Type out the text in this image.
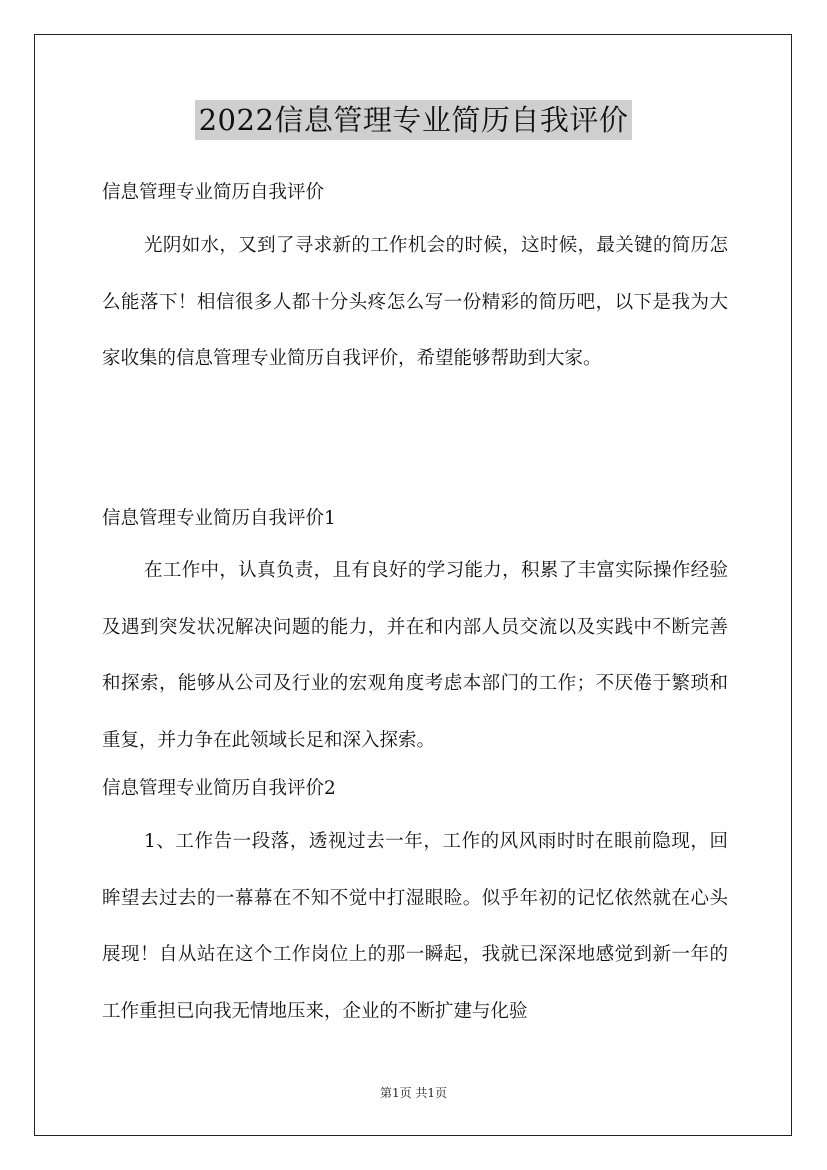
2022信息管理专业简历自我评价
信息管理专业简历自我评价

光阴如水，又到了寻求新的工作机会的时候，这时候，最关键的简历怎么能落下！相信很多人都十分头疼怎么写一份精彩的简历吧，以下是我为大家收集的信息管理专业简历自我评价，希望能够帮助到大家。

信息管理专业简历自我评价1

在工作中，认真负责，且有良好的学习能力，积累了丰富实际操作经验及遇到突发状况解决问题的能力，并在和内部人员交流以及实践中不断完善和探索，能够从公司及行业的宏观角度考虑本部门的工作；不厌倦于繁琐和重复，并力争在此领域长足和深入探索。

信息管理专业简历自我评价2

1、工作告一段落，透视过去一年，工作的风风雨时时在眼前隐现，回眸望去过去的一幕幕在不知不觉中打湿眼睑。似乎年初的记忆依然就在心头展现！自从站在这个工作岗位上的那一瞬起，我就已深深地感觉到新一年的工作重担已向我无情地压来，企业的不断扩建与化验

第1页 共1页
